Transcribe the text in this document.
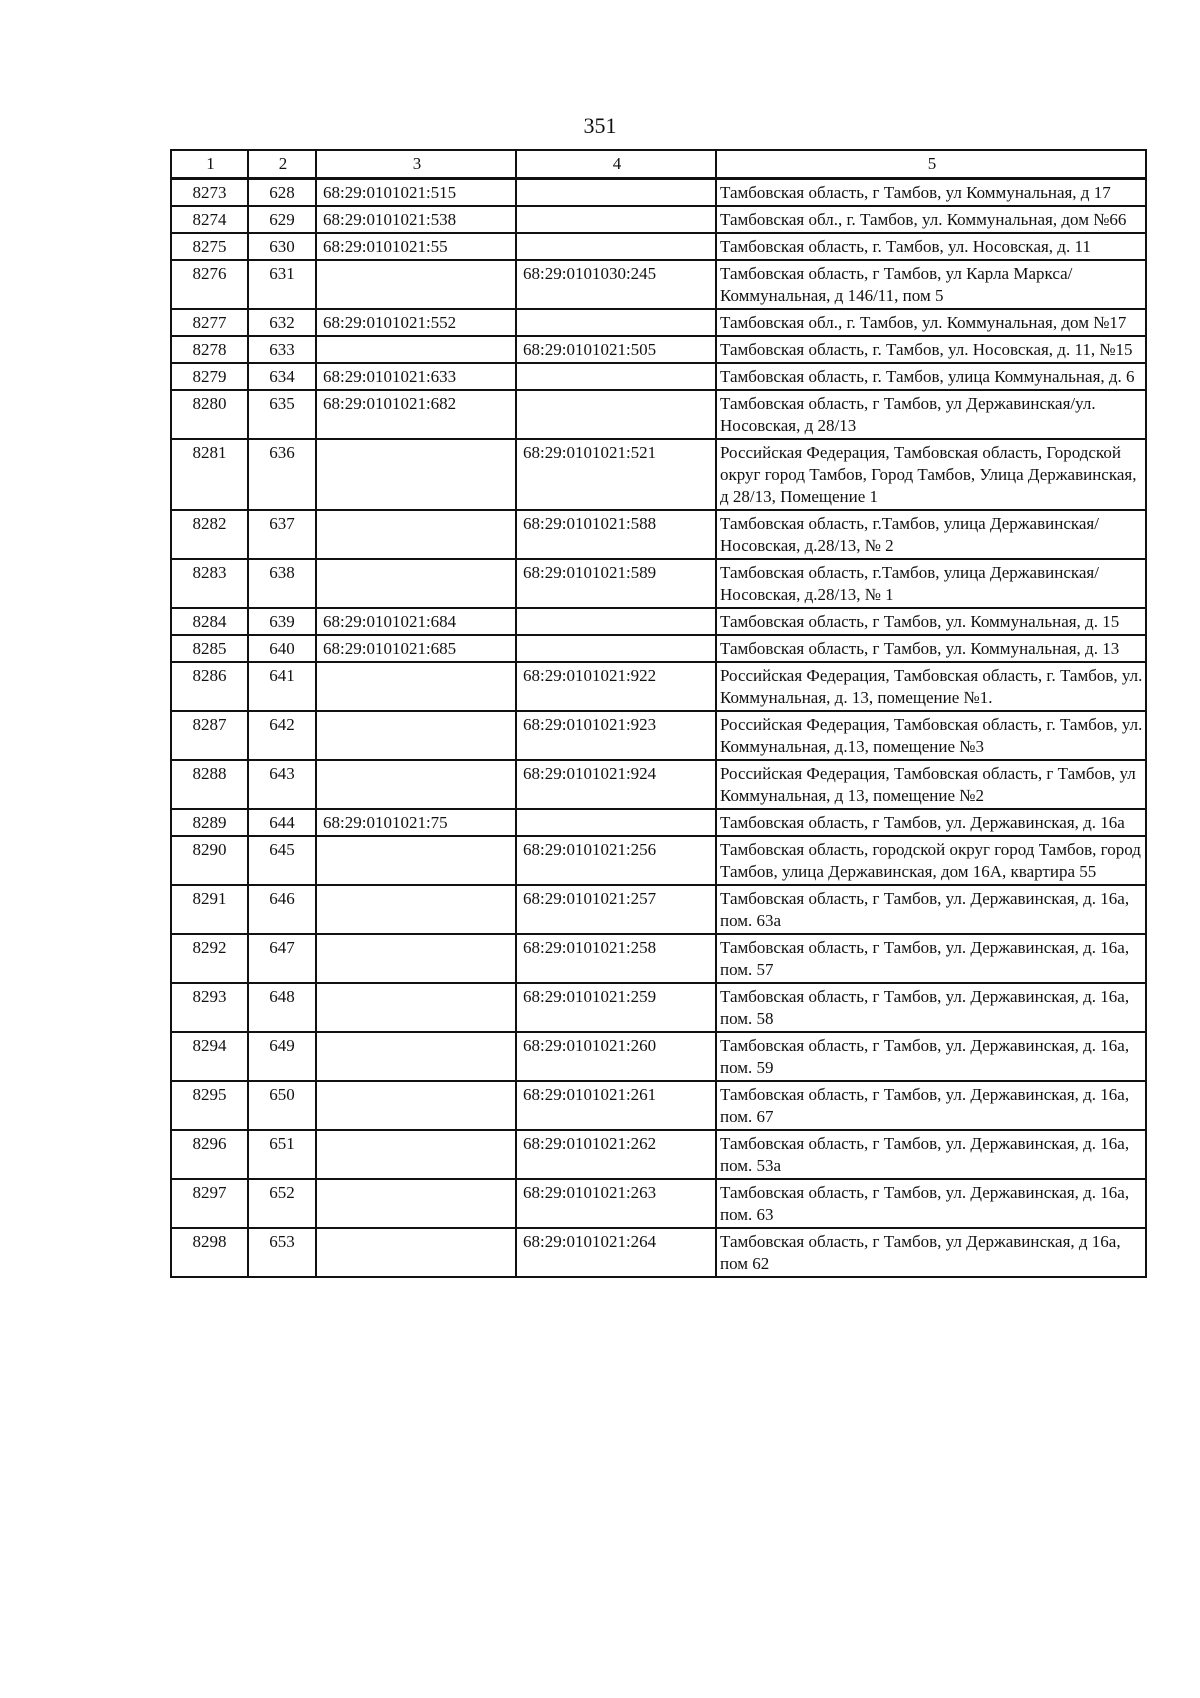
351
1	2	3	4	5
8273	628	68:29:0101021:515		Тамбовская область, г Тамбов, ул Коммунальная, д 17
8274	629	68:29:0101021:538		Тамбовская обл., г. Тамбов, ул. Коммунальная, дом №66
8275	630	68:29:0101021:55		Тамбовская область, г. Тамбов, ул. Носовская, д. 11
8276	631		68:29:0101030:245	Тамбовская область, г Тамбов, ул Карла Маркса/Коммунальная, д 146/11, пом 5
8277	632	68:29:0101021:552		Тамбовская обл., г. Тамбов, ул. Коммунальная, дом №17
8278	633		68:29:0101021:505	Тамбовская область, г. Тамбов, ул. Носовская, д. 11, №15
8279	634	68:29:0101021:633		Тамбовская область, г. Тамбов, улица Коммунальная, д. 6
8280	635	68:29:0101021:682		Тамбовская область, г Тамбов, ул Державинская/ул. Носовская, д 28/13
8281	636		68:29:0101021:521	Российская Федерация, Тамбовская область, Городской округ город Тамбов, Город Тамбов, Улица Державинская, д 28/13, Помещение 1
8282	637		68:29:0101021:588	Тамбовская область, г.Тамбов, улица Державинская/Носовская, д.28/13, № 2
8283	638		68:29:0101021:589	Тамбовская область, г.Тамбов, улица Державинская/Носовская, д.28/13, № 1
8284	639	68:29:0101021:684		Тамбовская область, г Тамбов, ул. Коммунальная, д. 15
8285	640	68:29:0101021:685		Тамбовская область, г Тамбов, ул. Коммунальная, д. 13
8286	641		68:29:0101021:922	Российская Федерация, Тамбовская область, г. Тамбов, ул. Коммунальная, д. 13, помещение №1.
8287	642		68:29:0101021:923	Российская Федерация, Тамбовская область, г. Тамбов, ул. Коммунальная, д.13, помещение №3
8288	643		68:29:0101021:924	Российская Федерация, Тамбовская область, г Тамбов, ул Коммунальная, д 13, помещение №2
8289	644	68:29:0101021:75		Тамбовская область, г Тамбов, ул. Державинская, д. 16а
8290	645		68:29:0101021:256	Тамбовская область, городской округ город Тамбов, город Тамбов, улица Державинская, дом 16А, квартира 55
8291	646		68:29:0101021:257	Тамбовская область, г Тамбов, ул. Державинская, д. 16а, пом. 63а
8292	647		68:29:0101021:258	Тамбовская область, г Тамбов, ул. Державинская, д. 16а, пом. 57
8293	648		68:29:0101021:259	Тамбовская область, г Тамбов, ул. Державинская, д. 16а, пом. 58
8294	649		68:29:0101021:260	Тамбовская область, г Тамбов, ул. Державинская, д. 16а, пом. 59
8295	650		68:29:0101021:261	Тамбовская область, г Тамбов, ул. Державинская, д. 16а, пом. 67
8296	651		68:29:0101021:262	Тамбовская область, г Тамбов, ул. Державинская, д. 16а, пом. 53а
8297	652		68:29:0101021:263	Тамбовская область, г Тамбов, ул. Державинская, д. 16а, пом. 63
8298	653		68:29:0101021:264	Тамбовская область, г Тамбов, ул Державинская, д 16а, пом 62
